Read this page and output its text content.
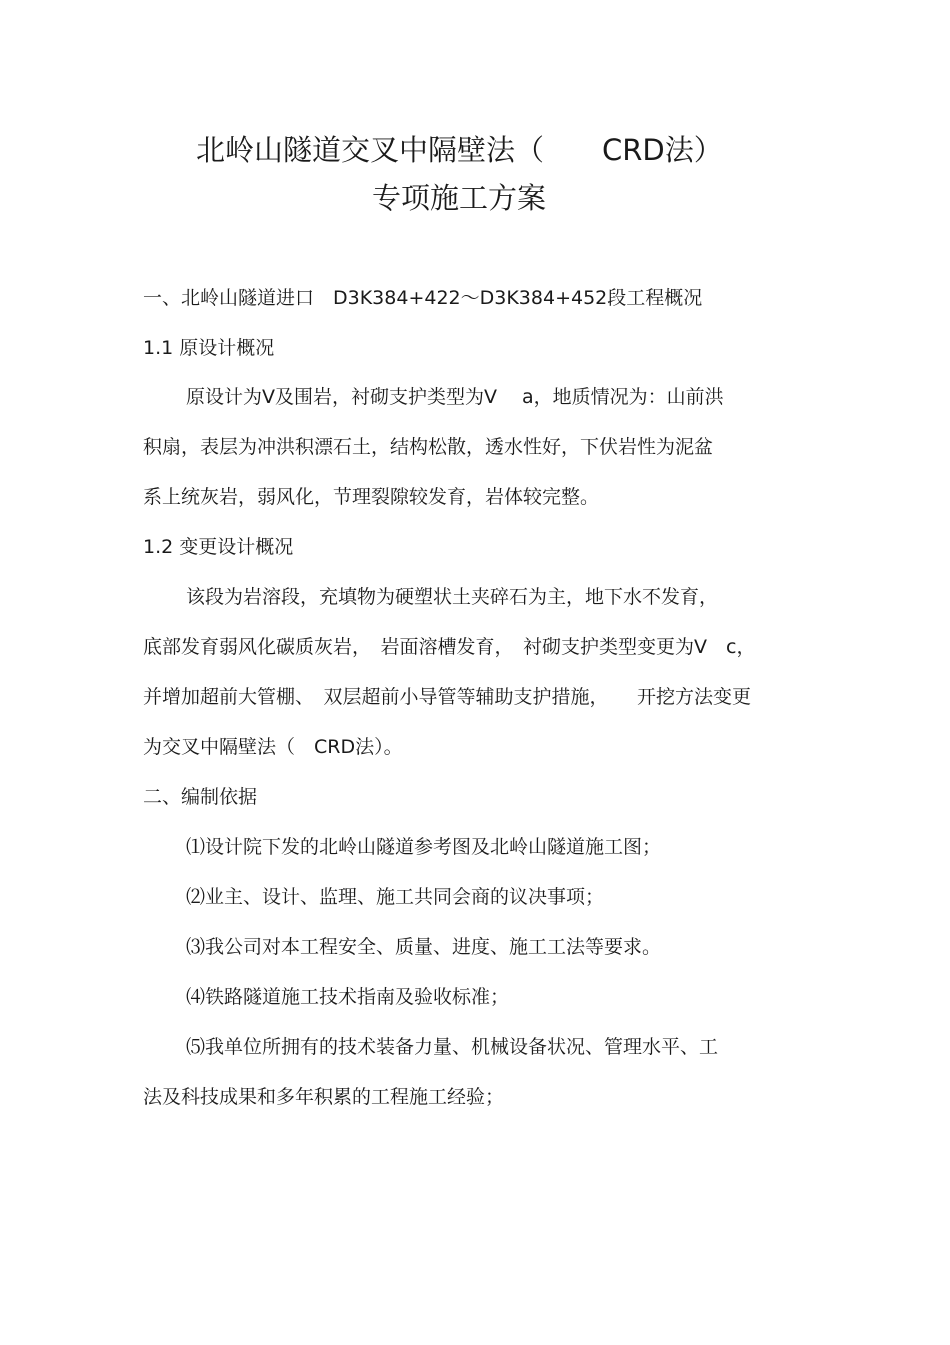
北岭山隧道交叉中隔壁法（　　CRD法）
专项施工方案
一、北岭山隧道进口　D3K384+422～D3K384+452段工程概况
1.1 原设计概况
原设计为Ⅴ及围岩，衬砌支护类型为Ⅴ　 a，地质情况为：山前洪
积扇，表层为冲洪积漂石土，结构松散，透水性好，下伏岩性为泥盆
系上统灰岩，弱风化，节理裂隙较发育，岩体较完整。
1.2 变更设计概况
该段为岩溶段，充填物为硬塑状土夹碎石为主，地下水不发育，
底部发育弱风化碳质灰岩，　岩面溶槽发育，　衬砌支护类型变更为Ⅴ　c，
并增加超前大管棚、　双层超前小导管等辅助支护措施，　　开挖方法变更
为交叉中隔壁法（　CRD法）。
二、编制依据
⑴设计院下发的北岭山隧道参考图及北岭山隧道施工图；
⑵业主、设计、监理、施工共同会商的议决事项；
⑶我公司对本工程安全、质量、进度、施工工法等要求。
⑷铁路隧道施工技术指南及验收标准；
⑸我单位所拥有的技术装备力量、机械设备状况、管理水平、工
法及科技成果和多年积累的工程施工经验；
